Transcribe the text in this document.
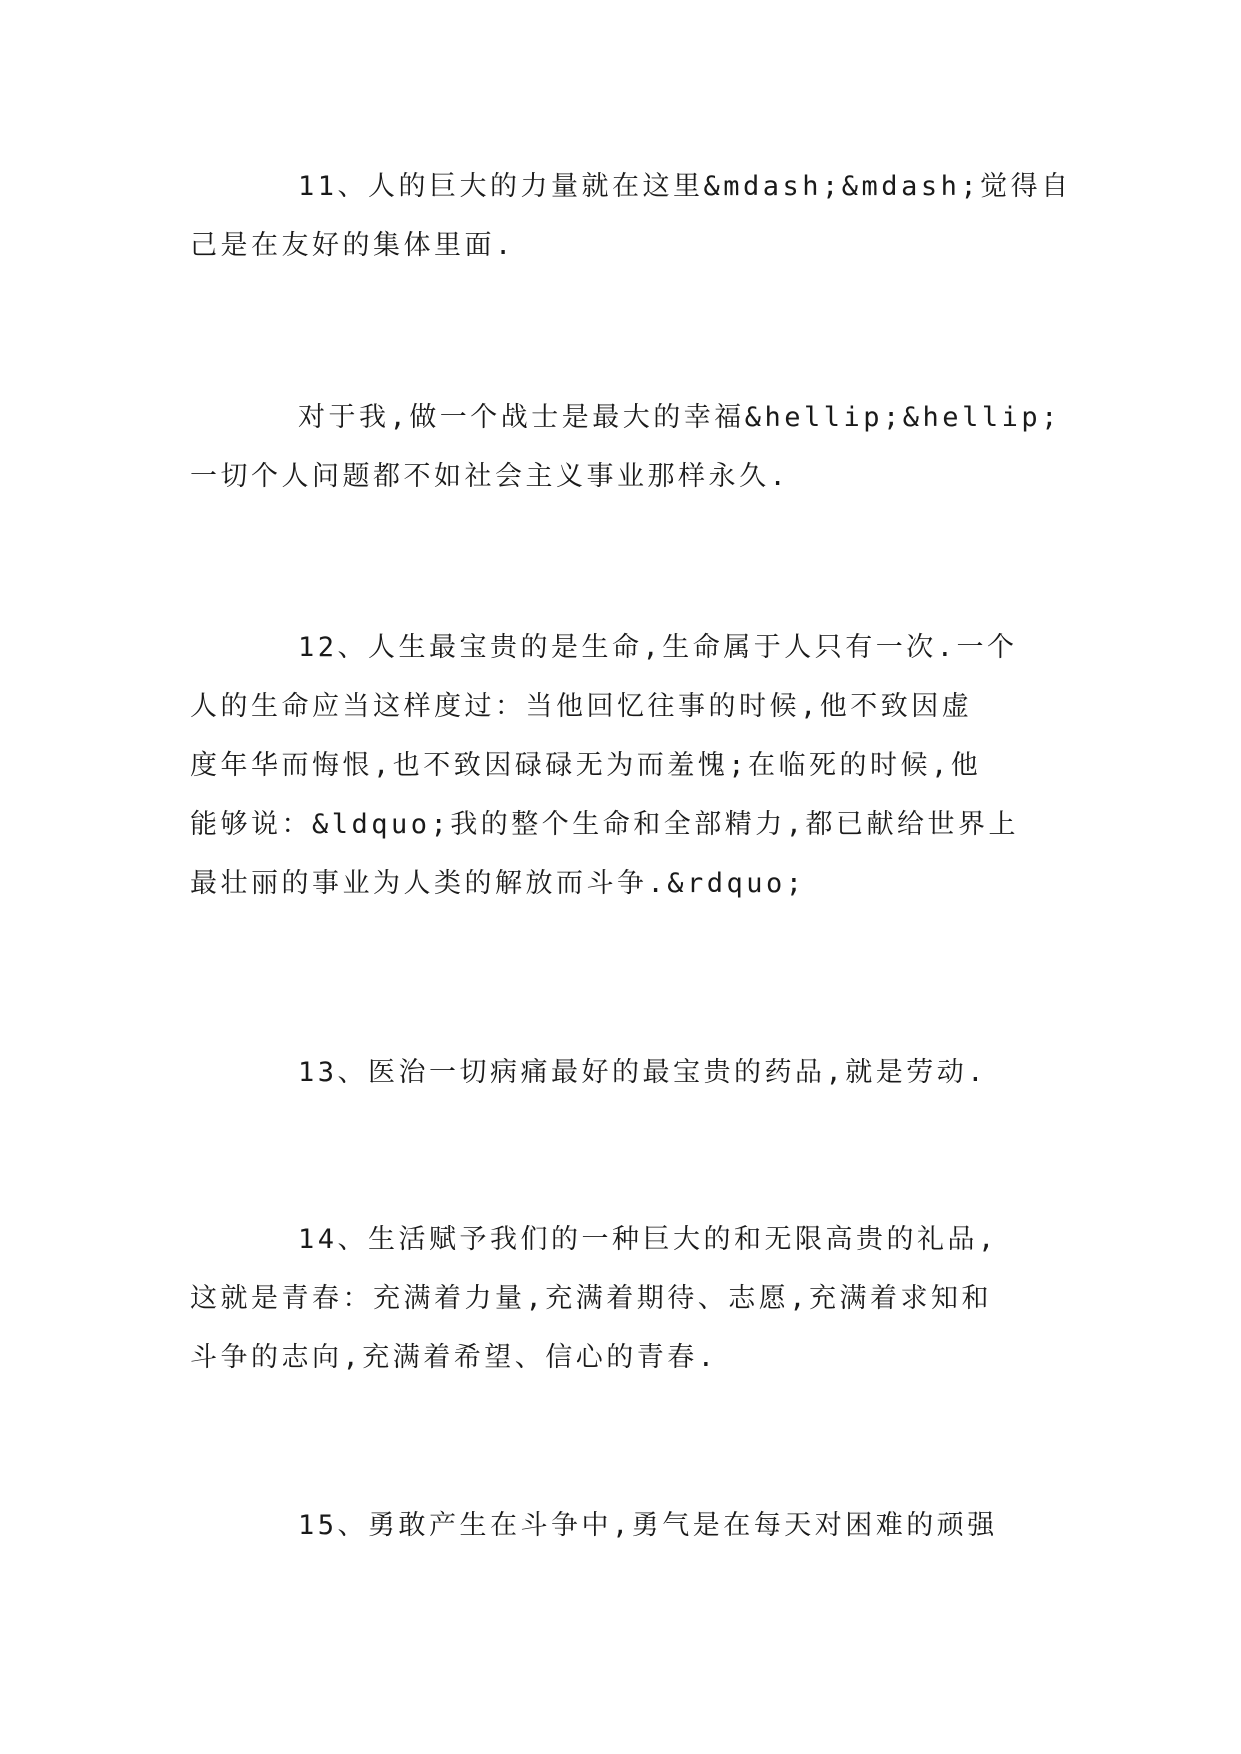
11、人的巨大的力量就在这里&mdash;&mdash;觉得自
己是在友好的集体里面.
对于我,做一个战士是最大的幸福&hellip;&hellip;
一切个人问题都不如社会主义事业那样永久.
12、人生最宝贵的是生命,生命属于人只有一次.一个
人的生命应当这样度过：当他回忆往事的时候,他不致因虚
度年华而悔恨,也不致因碌碌无为而羞愧;在临死的时候,他
能够说：&ldquo;我的整个生命和全部精力,都已献给世界上
最壮丽的事业为人类的解放而斗争.&rdquo;
13、医治一切病痛最好的最宝贵的药品,就是劳动.
14、生活赋予我们的一种巨大的和无限高贵的礼品,
这就是青春：充满着力量,充满着期待、志愿,充满着求知和
斗争的志向,充满着希望、信心的青春.
15、勇敢产生在斗争中,勇气是在每天对困难的顽强
